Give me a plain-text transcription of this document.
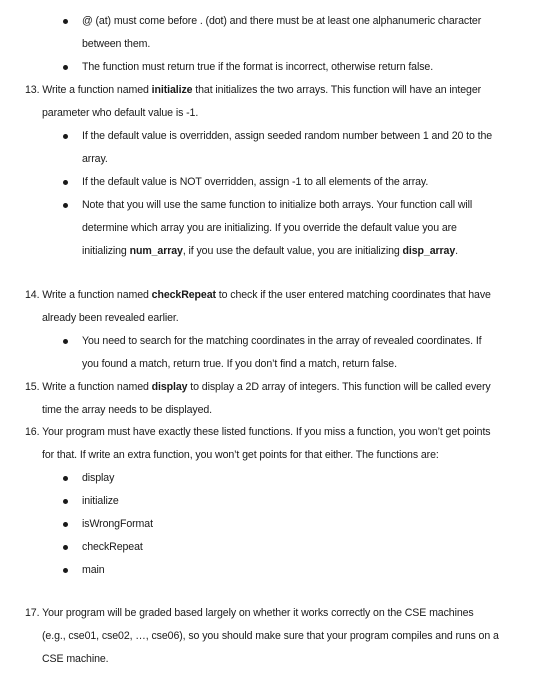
@ (at) must come before . (dot) and there must be at least one alphanumeric character
between them.
The function must return true if the format is incorrect, otherwise return false.
13. Write a function named initialize that initializes the two arrays. This function will have an integer
parameter who default value is -1.
If the default value is overridden, assign seeded random number between 1 and 20 to the
array.
If the default value is NOT overridden, assign -1 to all elements of the array.
Note that you will use the same function to initialize both arrays. Your function call will
determine which array you are initializing. If you override the default value you are
initializing num_array, if you use the default value, you are initializing disp_array.
14. Write a function named checkRepeat to check if the user entered matching coordinates that have
already been revealed earlier.
You need to search for the matching coordinates in the array of revealed coordinates. If
you found a match, return true. If you don’t find a match, return false.
15. Write a function named display to display a 2D array of integers. This function will be called every
time the array needs to be displayed.
16. Your program must have exactly these listed functions. If you miss a function, you won’t get points
for that. If write an extra function, you won’t get points for that either. The functions are:
display
initialize
isWrongFormat
checkRepeat
main
17. Your program will be graded based largely on whether it works correctly on the CSE machines
(e.g., cse01, cse02, …, cse06), so you should make sure that your program compiles and runs on a
CSE machine.
